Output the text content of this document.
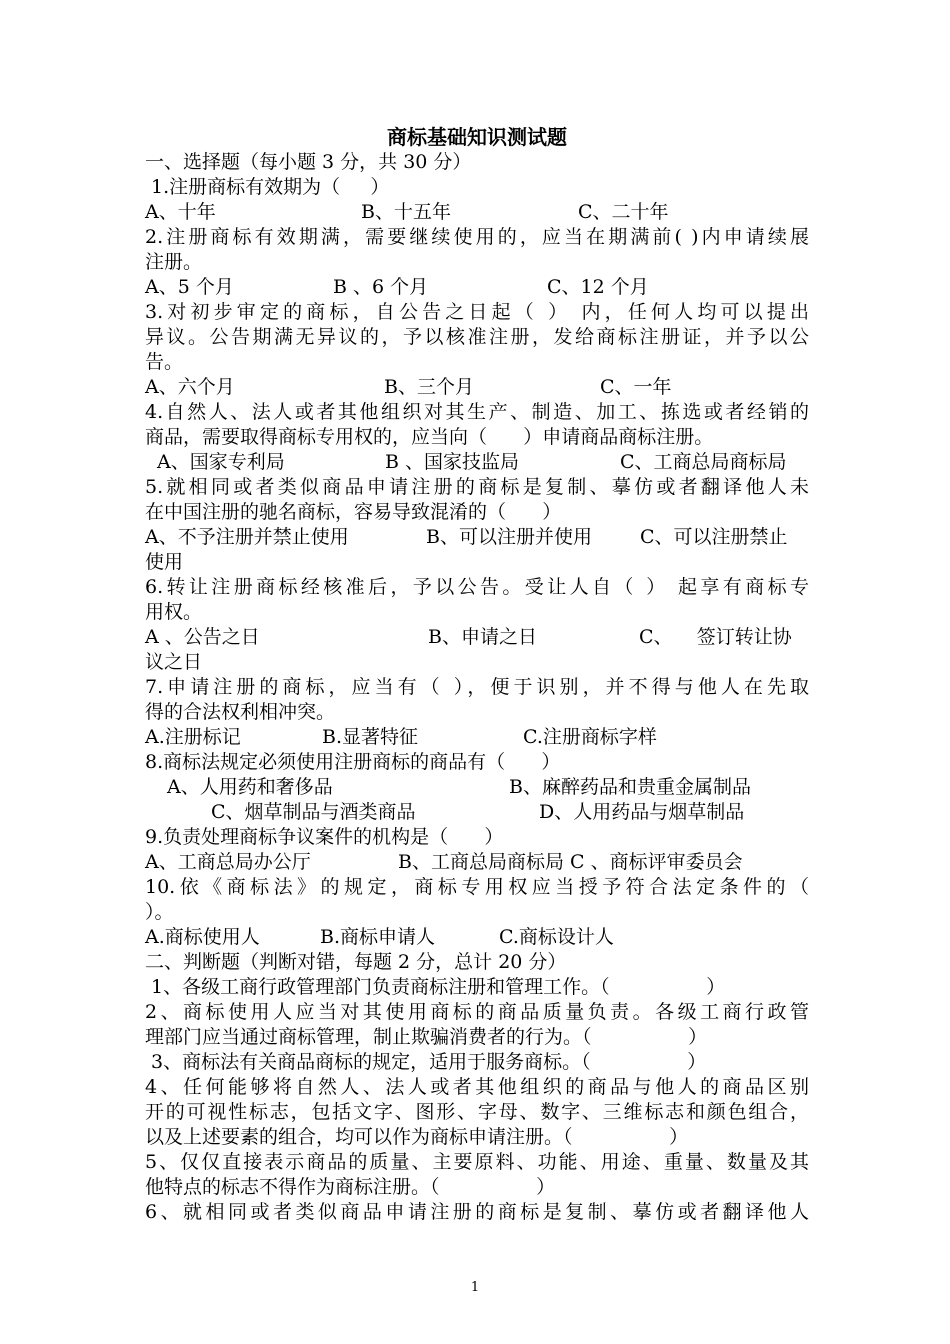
商标基础知识测试题
一、选择题（每小题 3 分，共 30 分）
1.注册商标有效期为（     ）

A、十年

	B、十五年

	C、二十年

2.注册商标有效期满，需要继续使用的，应当在期满前( )内申请续展
注册。

A、5 个月

	B 、6 个月

	C、12 个月

3.对初步审定的商标，自公告之日起（ ） 内，任何人均可以提出
异议。公告期满无异议的，予以核准注册，发给商标注册证，并予以公
告。

A、六个月

	B、三个月

	C、一年

4.自然人、法人或者其他组织对其生产、制造、加工、拣选或者经销的
商品，需要取得商标专用权的，应当向（      ）申请商品商标注册。

A、国家专利局

	B 、国家技监局

	C、工商总局商标局

5.就相同或者类似商品申请注册的商标是复制、摹仿或者翻译他人未
在中国注册的驰名商标，容易导致混淆的（      ）

A、不予注册并禁止使用

	B、可以注册并使用

	C、可以注册禁止

使用
6.转让注册商标经核准后，予以公告。受让人自（ ） 起享有商标专
用权。

A 、公告之日

	B、申请之日

	C、    签订转让协

议之日
7.申请注册的商标，应当有（ ），便于识别，并不得与他人在先取
得的合法权利相冲突。

A.注册标记

	B.显著特征

	C.注册商标字样

8.商标法规定必须使用注册商标的商品有（      ）

A、人用药和奢侈品

	B、麻醉药品和贵重金属制品

C、烟草制品与酒类商品

	D、人用药品与烟草制品

9.负责处理商标争议案件的机构是（      ）

A、工商总局办公厅

	B、工商总局商标局 C 、商标评审委员会

10.依《商标法》的规定，商标专用权应当授予符合法定条件的（
）。

A.商标使用人

	B.商标申请人

	C.商标设计人

二、判断题（判断对错，每题 2 分，总计 20 分）
1、各级工商行政管理部门负责商标注册和管理工作。（                ）
2、商标使用人应当对其使用商标的商品质量负责。各级工商行政管
理部门应当通过商标管理，制止欺骗消费者的行为。（                ）
3、商标法有关商品商标的规定，适用于服务商标。（                ）
4、任何能够将自然人、法人或者其他组织的商品与他人的商品区别
开的可视性标志，包括文字、图形、字母、数字、三维标志和颜色组合，
以及上述要素的组合，均可以作为商标申请注册。（                ）
5、仅仅直接表示商品的质量、主要原料、功能、用途、重量、数量及其
他特点的标志不得作为商标注册。（                ）
6、就相同或者类似商品申请注册的商标是复制、摹仿或者翻译他人
1
